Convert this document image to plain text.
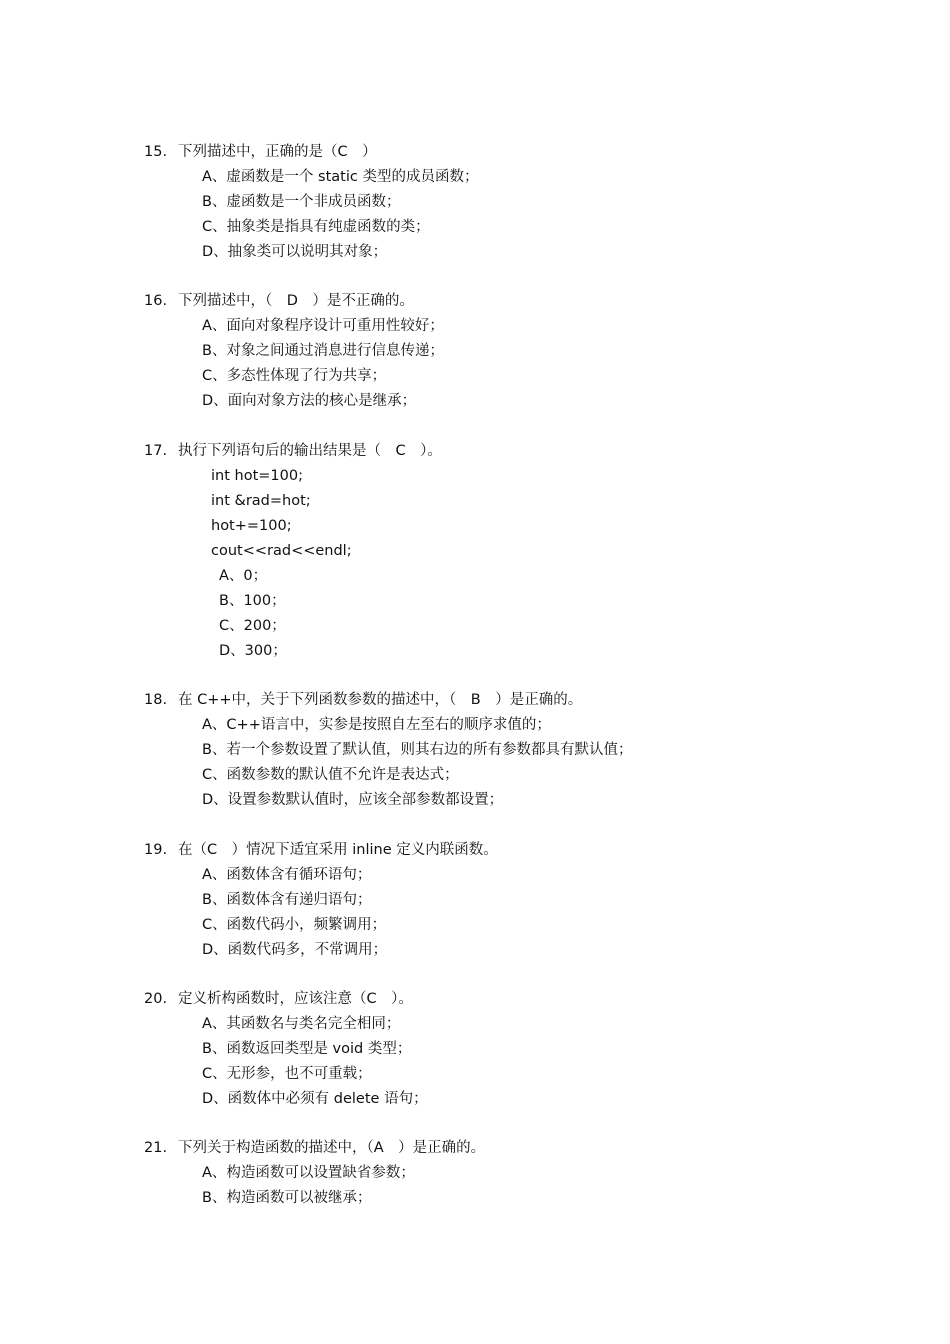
15. 下列描述中，正确的是（C　）
A、虚函数是一个 static 类型的成员函数；
B、虚函数是一个非成员函数；
C、抽象类是指具有纯虚函数的类；
D、抽象类可以说明其对象；
16. 下列描述中，（　D　）是不正确的。
A、面向对象程序设计可重用性较好；
B、对象之间通过消息进行信息传递；
C、多态性体现了行为共享；
D、面向对象方法的核心是继承；
17. 执行下列语句后的输出结果是（　C　）。
int hot=100;
int &rad=hot;
hot+=100;
cout<<rad<<endl;
A、0；
B、100；
C、200；
D、300；
18. 在 C++中，关于下列函数参数的描述中，（　B　）是正确的。
A、C++语言中，实参是按照自左至右的顺序求值的；
B、若一个参数设置了默认值，则其右边的所有参数都具有默认值；
C、函数参数的默认值不允许是表达式；
D、设置参数默认值时，应该全部参数都设置；
19. 在（C　）情况下适宜采用 inline 定义内联函数。
A、函数体含有循环语句；
B、函数体含有递归语句；
C、函数代码小，频繁调用；
D、函数代码多，不常调用；
20. 定义析构函数时，应该注意（C　）。
A、其函数名与类名完全相同；
B、函数返回类型是 void 类型；
C、无形参，也不可重载；
D、函数体中必须有 delete 语句；
21. 下列关于构造函数的描述中，（A　）是正确的。
A、构造函数可以设置缺省参数；
B、构造函数可以被继承；
